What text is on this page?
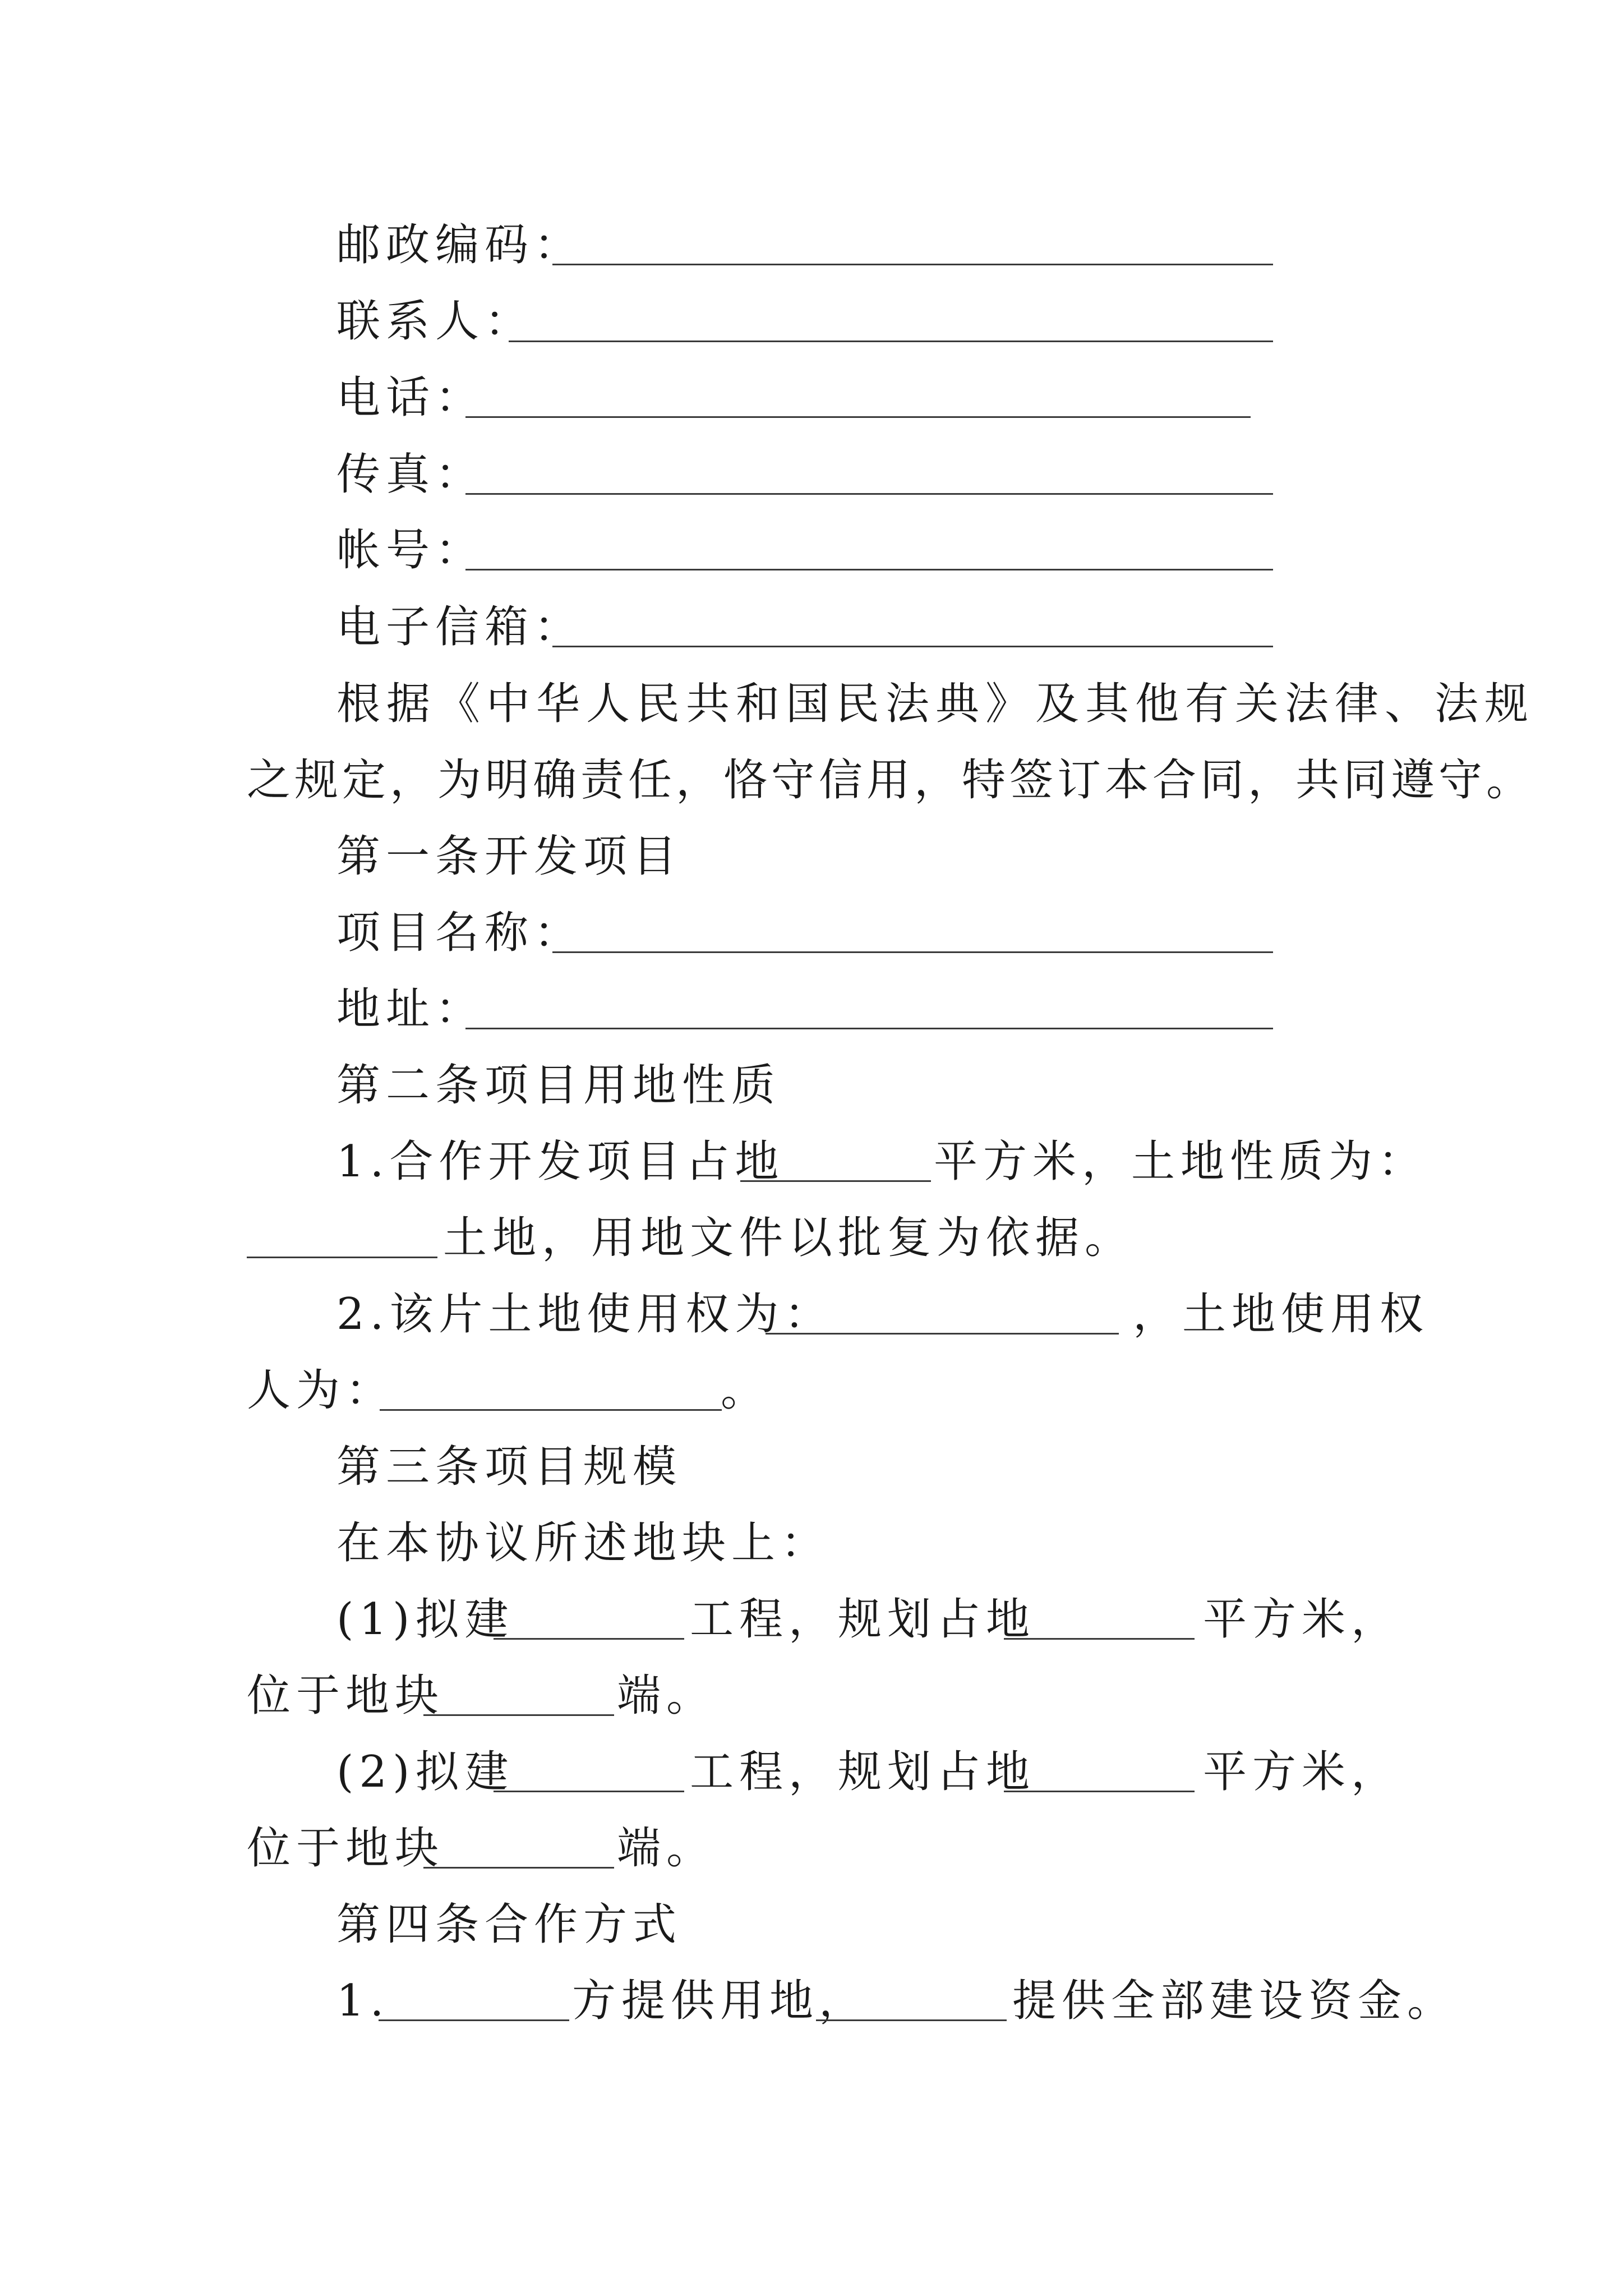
邮政编码：
联系人：
电话：
传真：
帐号：
电子信箱：
根据《中华人民共和国民法典》及其他有关法律、法规
之规定，为明确责任，恪守信用，特签订本合同，共同遵守。
第一条开发项目
项目名称：
地址：
第二条项目用地性质
1.合作开发项目占地	平方米，土地性质为：
土地，用地文件以批复为依据。
2.该片土地使用权为：	，土地使用权
人为：	。
第三条项目规模
在本协议所述地块上：
(1)拟建	工程，规划占地	平方米，
位于地块	端。
(2)拟建	工程，规划占地	平方米，
位于地块	端。
第四条合作方式
1.	方提供用地，	提供全部建设资金。
